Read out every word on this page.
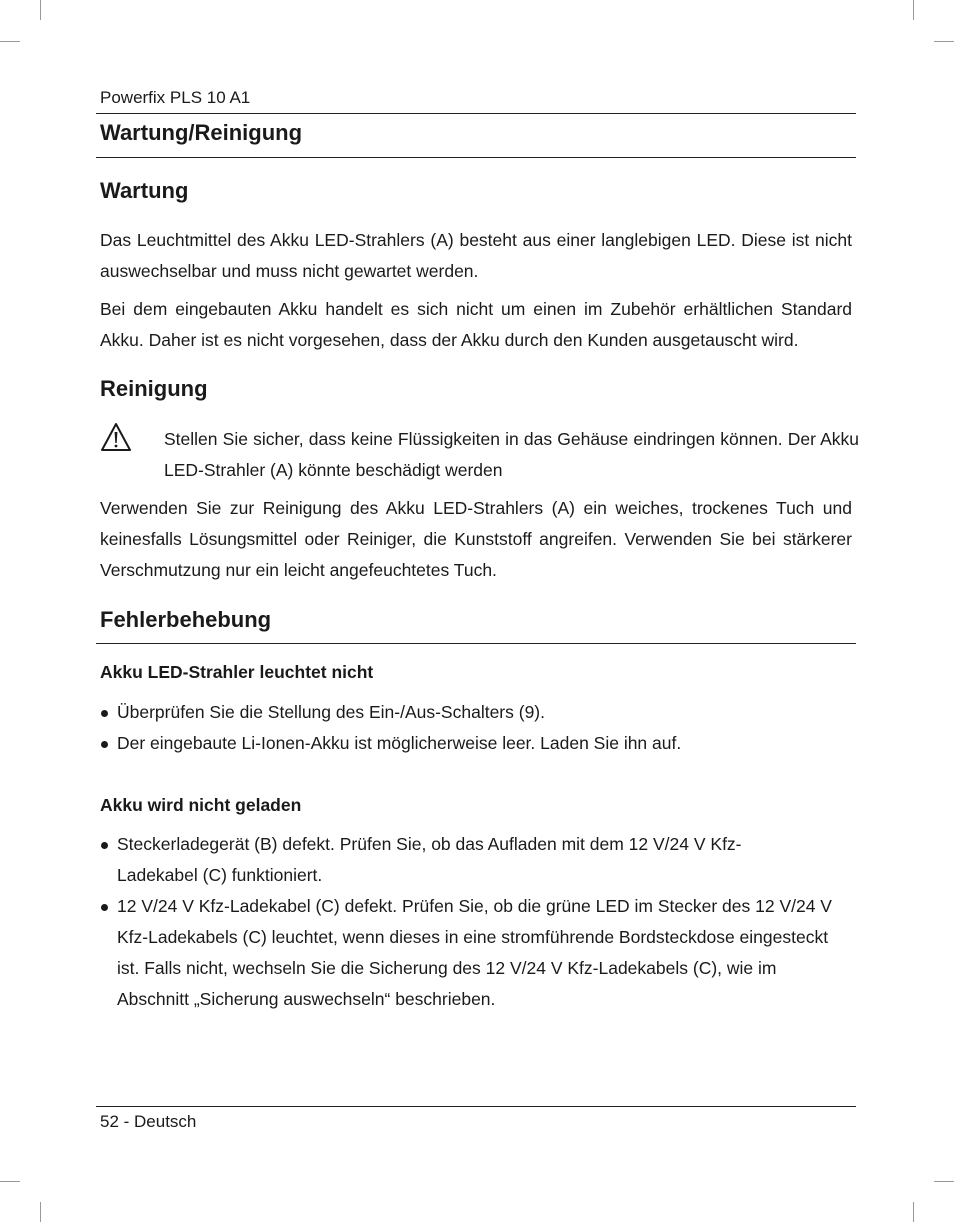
Powerfix PLS 10 A1
Wartung/Reinigung
Wartung

Das Leuchtmittel des Akku LED-Strahlers (A) besteht aus einer langlebigen LED. Diese ist nicht auswechselbar und muss nicht gewartet werden.

Bei dem eingebauten Akku handelt es sich nicht um einen im Zubehör erhältlichen Standard Akku. Daher ist es nicht vorgesehen, dass der Akku durch den Kunden ausgetauscht wird.

Reinigung

Stellen Sie sicher, dass keine Flüssigkeiten in das Gehäuse eindringen können. Der Akku LED-Strahler (A) könnte beschädigt werden

Verwenden Sie zur Reinigung des Akku LED-Strahlers (A) ein weiches, trockenes Tuch und keinesfalls Lösungsmittel oder Reiniger, die Kunststoff angreifen. Verwenden Sie bei stärkerer Verschmutzung nur ein leicht angefeuchtetes Tuch.

Fehlerbehebung
Akku LED-Strahler leuchtet nicht
Überprüfen Sie die Stellung des Ein-/Aus-Schalters (9).
Der eingebaute Li-Ionen-Akku ist möglicherweise leer. Laden Sie ihn auf.
Akku wird nicht geladen
Steckerladegerät (B) defekt. Prüfen Sie, ob das Aufladen mit dem 12 V/24 V Kfz-Ladekabel (C) funktioniert.
12 V/24 V Kfz-Ladekabel (C) defekt. Prüfen Sie, ob die grüne LED im Stecker des 12 V/24 V Kfz-Ladekabels (C) leuchtet, wenn dieses in eine stromführende Bordsteckdose eingesteckt ist. Falls nicht, wechseln Sie die Sicherung des 12 V/24 V Kfz-Ladekabels (C), wie im Abschnitt „Sicherung auswechseln“ beschrieben.
52 - Deutsch
